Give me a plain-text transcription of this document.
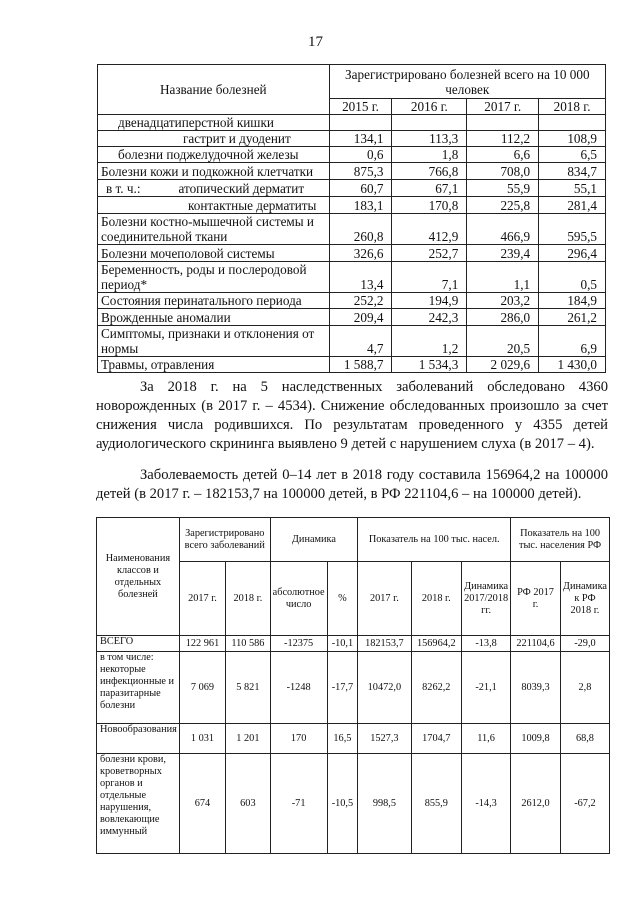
17
Название болезней	Зарегистрировано болезней всего на 10 000 человек			
	2015 г.	2016 г.	2017 г.	2018 г.
двенадцатиперстной кишки				
гастрит и дуоденит	134,1	113,3	112,2	108,9
болезни поджелудочной железы	0,6	1,8	6,6	6,5
Болезни кожи и подкожной клетчатки	875,3	766,8	708,0	834,7
в т. ч.: атопический дерматит	60,7	67,1	55,9	55,1
контактные дерматиты	183,1	170,8	225,8	281,4
Болезни костно-мышечной системы и соединительной ткани	260,8	412,9	466,9	595,5
Болезни мочеполовой системы	326,6	252,7	239,4	296,4
Беременность, роды и послеродовой период*	13,4	7,1	1,1	0,5
Состояния перинатального периода	252,2	194,9	203,2	184,9
Врожденные аномалии	209,4	242,3	286,0	261,2
Симптомы, признаки и отклонения от нормы	4,7	1,2	20,5	6,9
Травмы, отравления	1 588,7	1 534,3	2 029,6	1 430,0

За 2018 г. на 5 наследственных заболеваний обследовано 4360 новорожденных (в 2017 г. – 4534). Снижение обследованных произошло за счет снижения числа родившихся. По результатам проведенного у 4355 детей аудиологического скрининга выявлено 9 детей с нарушением слуха (в 2017 – 4).

Заболеваемость детей 0–14 лет в 2018 году составила 156964,2 на 100000 детей (в 2017 г. – 182153,7 на 100000 детей, в РФ 221104,6 – на 100000 детей).

Наименования классов и отдельных болезней	Зарегистрировано всего заболеваний		Динамика		Показатель на 100 тыс. насел.			Показатель на 100 тыс. населения РФ	
	2017 г.	2018 г.	абсолютное число	%	2017 г.	2018 г.	Динамика 2017/2018 гг.	РФ 2017 г.	Динамика к РФ 2018 г.
ВСЕГО	122 961	110 586	-12375	-10,1	182153,7	156964,2	-13,8	221104,6	-29,0
в том числе: некоторые инфекционные и паразитарные болезни	7 069	5 821	-1248	-17,7	10472,0	8262,2	-21,1	8039,3	2,8
Новообразования	1 031	1 201	170	16,5	1527,3	1704,7	11,6	1009,8	68,8
болезни крови, кроветворных органов и отдельные нарушения, вовлекающие иммунный	674	603	-71	-10,5	998,5	855,9	-14,3	2612,0	-67,2
